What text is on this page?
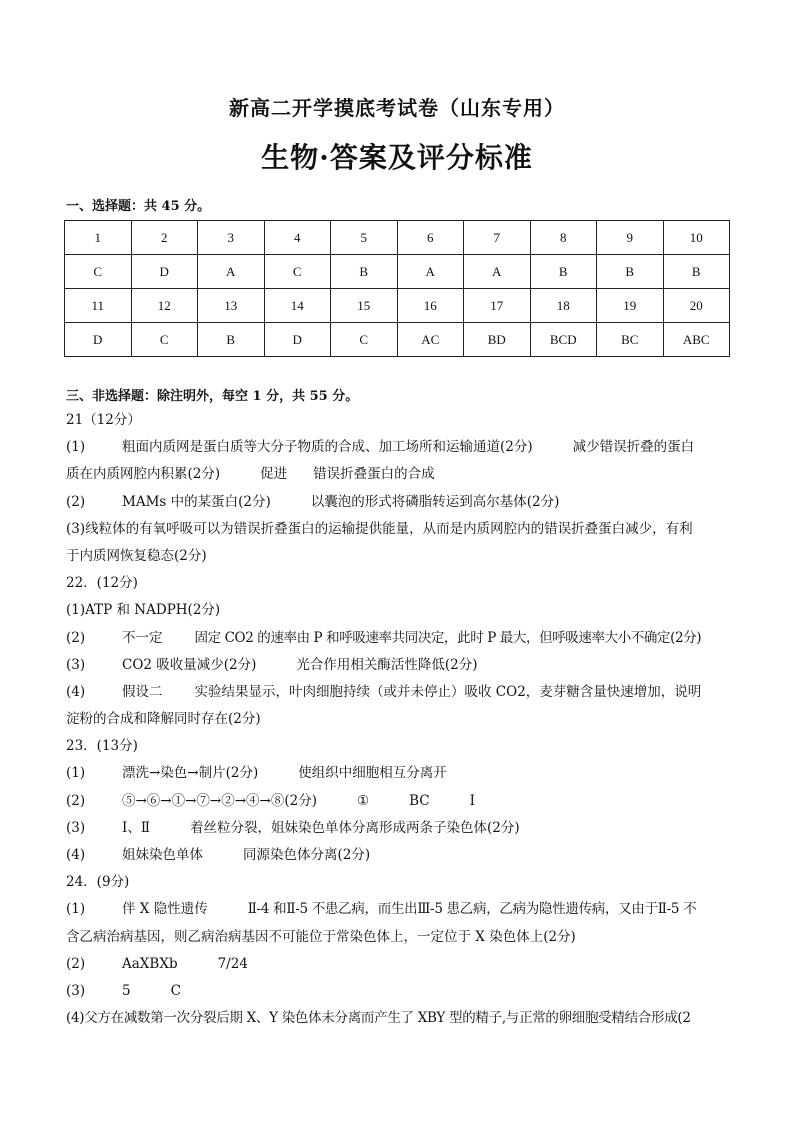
新高二开学摸底考试卷（山东专用）
生物·答案及评分标准
一、选择题：共 45 分。
1	2	3	4	5	6	7	8	9	10
C	D	A	C	B	A	A	B	B	B
11	12	13	14	15	16	17	18	19	20
D	C	B	D	C	AC	BD	BCD	BC	ABC
三、非选择题：除注明外，每空 1 分，共 55 分。
21（12分）
(1)	粗面内质网是蛋白质等大分子物质的合成、加工场所和运输通道(2分)	减少错误折叠的蛋白
质在内质网腔内积累(2分)	促进 错误折叠蛋白的合成
(2)	MAMs 中的某蛋白(2分)	以囊泡的形式将磷脂转运到高尔基体(2分)
(3)线粒体的有氧呼吸可以为错误折叠蛋白的运输提供能量，从而是内质网腔内的错误折叠蛋白减少，有利
于内质网恢复稳态(2分)
22．(12分)
(1)ATP 和 NADPH(2分)
(2)	不一定 固定 CO2 的速率由 P 和呼吸速率共同决定，此时 P 最大，但呼吸速率大小不确定(2分)
(3)	CO2 吸收量减少(2分)	光合作用相关酶活性降低(2分)
(4)	假设二 实验结果显示，叶肉细胞持续（或并未停止）吸收 CO2，麦芽糖含量快速增加，说明
淀粉的合成和降解同时存在(2分)
23．(13分)
(1)	漂洗→染色→制片(2分)	使组织中细胞相互分离开
(2)	⑤→⑥→①→⑦→②→④→⑧(2分)	①	BC	Ⅰ
(3)	Ⅰ、Ⅱ	着丝粒分裂，姐妹染色单体分离形成两条子染色体(2分)
(4)	姐妹染色单体	同源染色体分离(2分)
24．(9分)
(1)	伴 X 隐性遗传	Ⅱ-4 和Ⅱ-5 不患乙病，而生出Ⅲ-5 患乙病，乙病为隐性遗传病，又由于Ⅱ-5 不
含乙病治病基因，则乙病治病基因不可能位于常染色体上，一定位于 X 染色体上(2分)
(2)	AaXBXb	7/24
(3)	5	C
(4)父方在减数第一次分裂后期 X、Y 染色体未分离而产生了 XBY 型的精子,与正常的卵细胞受精结合形成(2
